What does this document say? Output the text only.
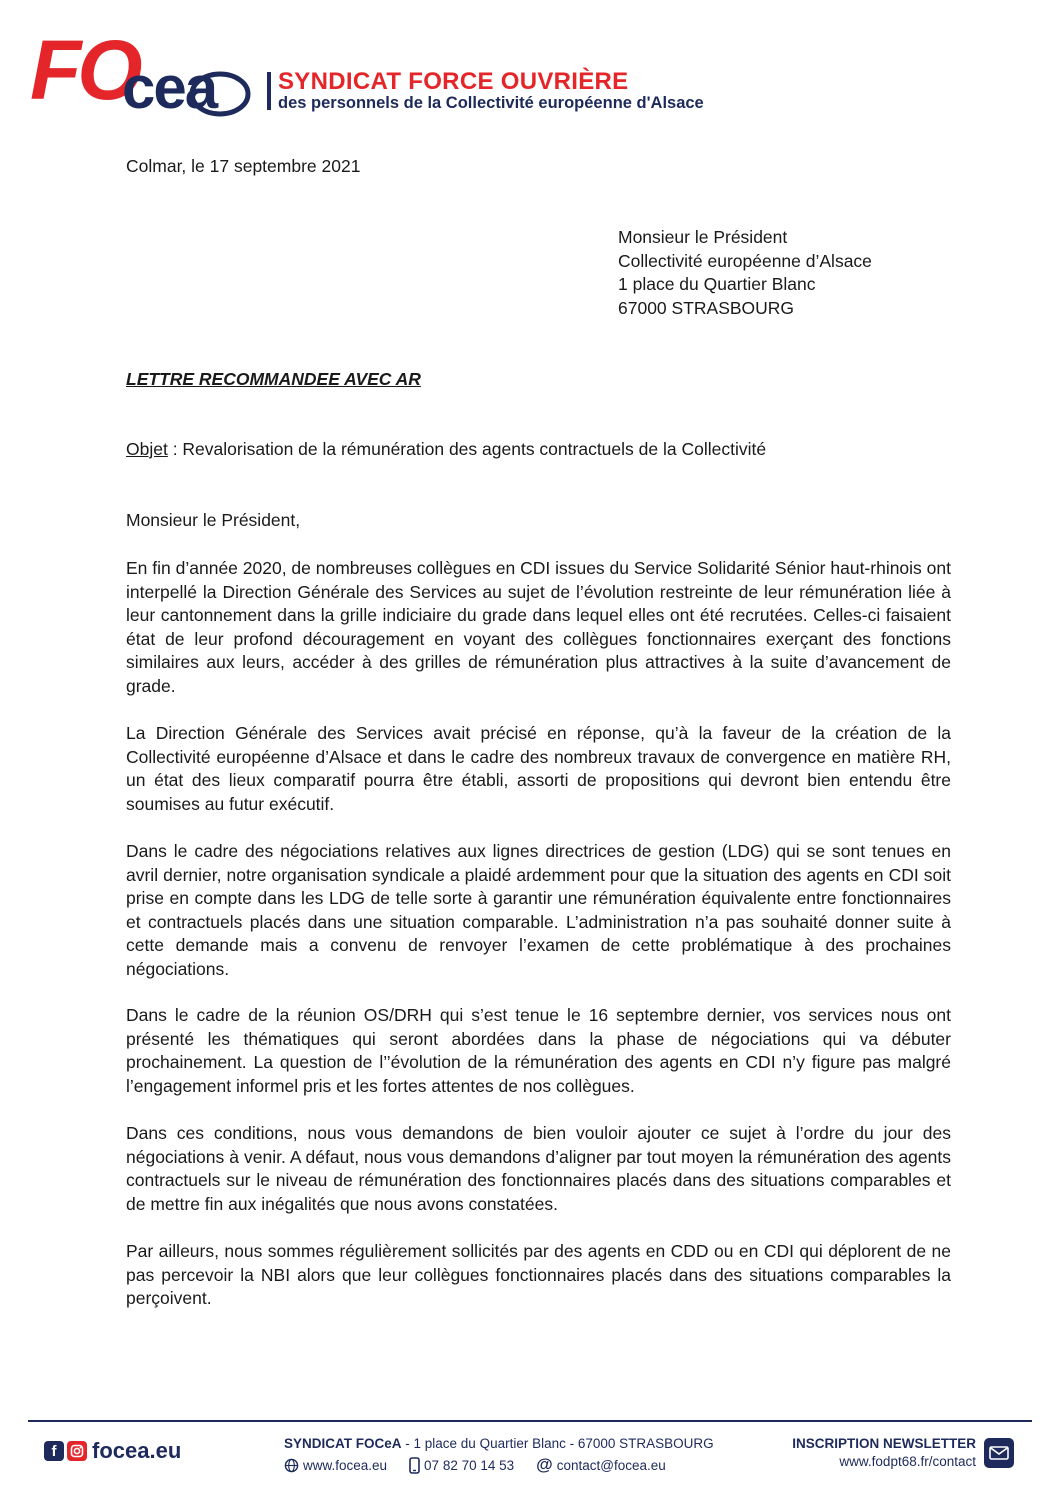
FO
cea	SYNDICAT FORCE OUVRIÈRE
des personnels de la Collectivité européenne d'Alsace
Colmar, le 17 septembre 2021
Monsieur le Président
Collectivité européenne d’Alsace
1 place du Quartier Blanc
67000 STRASBOURG
LETTRE RECOMMANDEE AVEC AR
Objet : Revalorisation de la rémunération des agents contractuels de la Collectivité
Monsieur le Président,
En fin d’année 2020, de nombreuses collègues en CDI issues du Service Solidarité Sénior haut-rhinois ont interpellé la Direction Générale des Services au sujet de l’évolution restreinte de leur rémunération liée à leur cantonnement dans la grille indiciaire du grade dans lequel elles ont été recrutées. Celles-ci faisaient état de leur profond découragement en voyant des collègues fonctionnaires exerçant des fonctions similaires aux leurs, accéder à des grilles de rémunération plus attractives à la suite d’avancement de grade.
La Direction Générale des Services avait précisé en réponse, qu’à la faveur de la création de la Collectivité européenne d’Alsace et dans le cadre des nombreux travaux de convergence en matière RH, un état des lieux comparatif pourra être établi, assorti de propositions qui devront bien entendu être soumises au futur exécutif.
Dans le cadre des négociations relatives aux lignes directrices de gestion (LDG) qui se sont tenues en avril dernier, notre organisation syndicale a plaidé ardemment pour que la situation des agents en CDI soit prise en compte dans les LDG de telle sorte à garantir une rémunération équivalente entre fonctionnaires et contractuels placés dans une situation comparable. L’administration n’a pas souhaité donner suite à cette demande mais a convenu de renvoyer l’examen de cette problématique à des prochaines négociations.
Dans le cadre de la réunion OS/DRH qui s’est tenue le 16 septembre dernier, vos services nous ont présenté les thématiques qui seront abordées dans la phase de négociations qui va débuter prochainement. La question de l’’évolution de la rémunération des agents en CDI n’y figure pas malgré l’engagement informel pris et les fortes attentes de nos collègues.
Dans ces conditions, nous vous demandons de bien vouloir ajouter ce sujet à l’ordre du jour des négociations à venir. A défaut, nous vous demandons d’aligner par tout moyen la rémunération des agents contractuels sur le niveau de rémunération des fonctionnaires placés dans des situations comparables et de mettre fin aux inégalités que nous avons constatées.
Par ailleurs, nous sommes régulièrement sollicités par des agents en CDD ou en CDI qui déplorent de ne pas percevoir la NBI alors que leur collègues fonctionnaires placés dans des situations comparables la perçoivent.
f	focea.eu	SYNDICAT FOCeA - 1 place du Quartier Blanc - 67000 STRASBOURG
www.focea.eu	07 82 70 14 53 @ contact@focea.eu
INSCRIPTION NEWSLETTER
www.fodpt68.fr/contact
